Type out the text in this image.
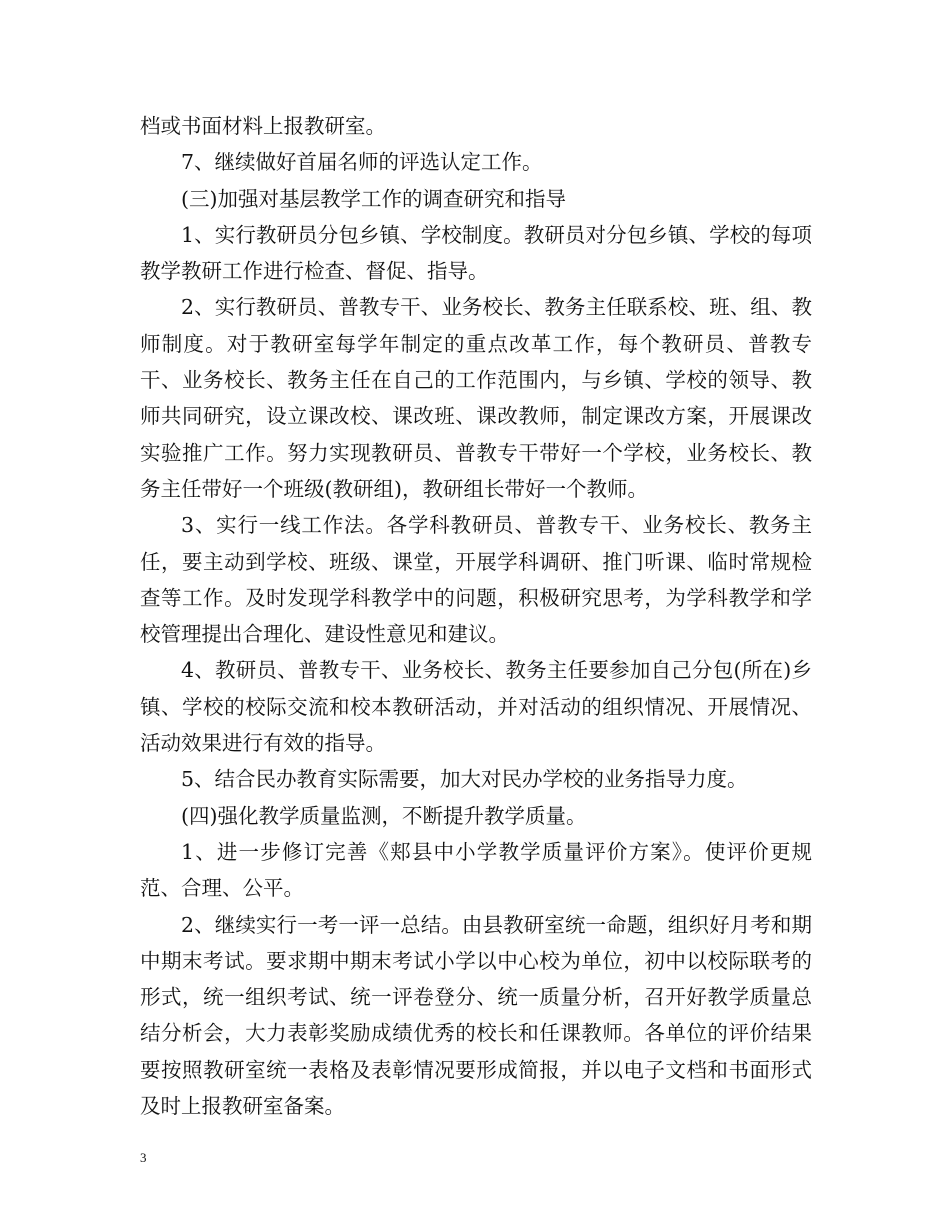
档或书面材料上报教研室。

7、继续做好首届名师的评选认定工作。

(三)加强对基层教学工作的调查研究和指导

1、实行教研员分包乡镇、学校制度。教研员对分包乡镇、学校的每项教学教研工作进行检查、督促、指导。

2、实行教研员、普教专干、业务校长、教务主任联系校、班、组、教师制度。对于教研室每学年制定的重点改革工作，每个教研员、普教专干、业务校长、教务主任在自己的工作范围内，与乡镇、学校的领导、教师共同研究，设立课改校、课改班、课改教师，制定课改方案，开展课改实验推广工作。努力实现教研员、普教专干带好一个学校，业务校长、教务主任带好一个班级(教研组)，教研组长带好一个教师。

3、实行一线工作法。各学科教研员、普教专干、业务校长、教务主任，要主动到学校、班级、课堂，开展学科调研、推门听课、临时常规检查等工作。及时发现学科教学中的问题，积极研究思考，为学科教学和学校管理提出合理化、建设性意见和建议。

4、教研员、普教专干、业务校长、教务主任要参加自己分包(所在)乡镇、学校的校际交流和校本教研活动，并对活动的组织情况、开展情况、活动效果进行有效的指导。

5、结合民办教育实际需要，加大对民办学校的业务指导力度。

(四)强化教学质量监测，不断提升教学质量。

1、进一步修订完善《郏县中小学教学质量评价方案》。使评价更规范、合理、公平。

2、继续实行一考一评一总结。由县教研室统一命题，组织好月考和期中期末考试。要求期中期末考试小学以中心校为单位，初中以校际联考的形式，统一组织考试、统一评卷登分、统一质量分析，召开好教学质量总结分析会，大力表彰奖励成绩优秀的校长和任课教师。各单位的评价结果要按照教研室统一表格及表彰情况要形成简报，并以电子文档和书面形式及时上报教研室备案。

3
